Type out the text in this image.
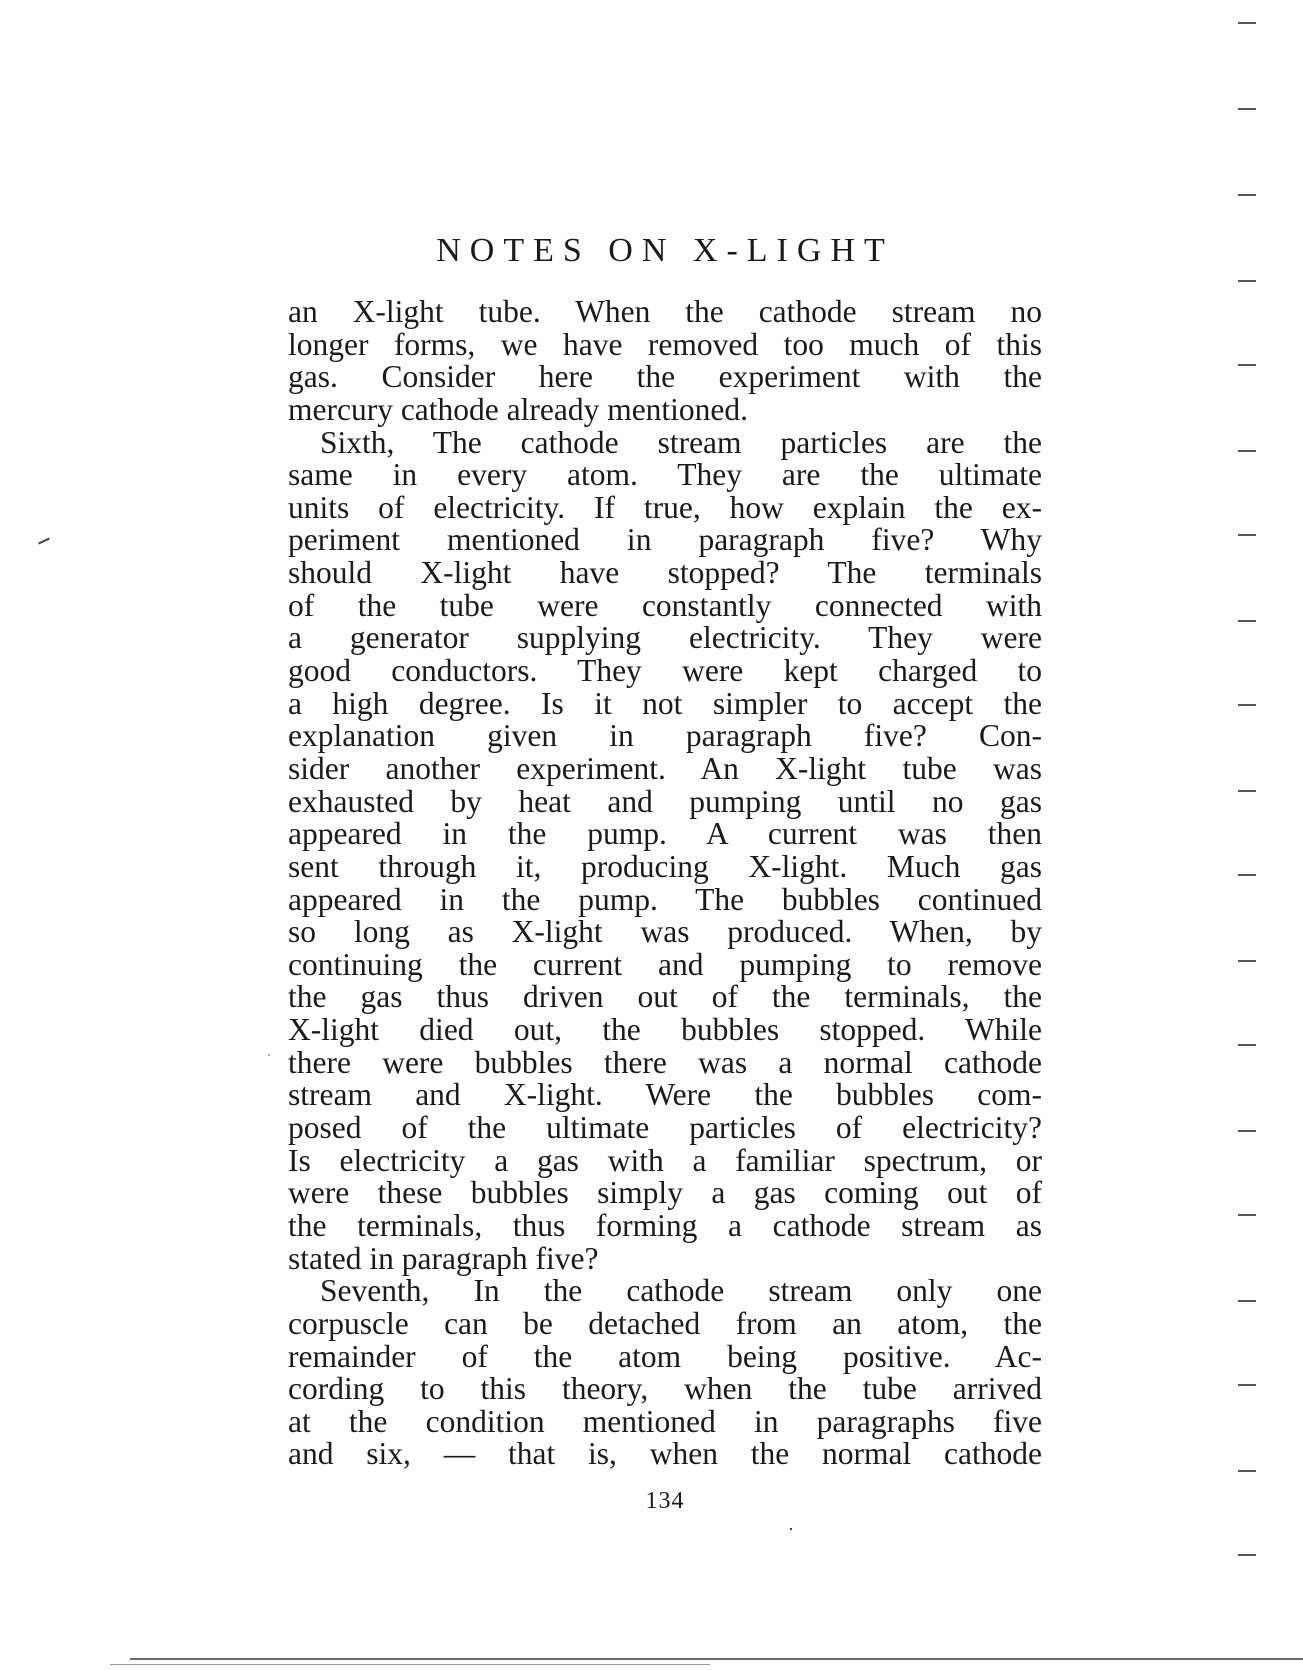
NOTES ON X-LIGHT
an X-light tube. When the cathode stream no
longer forms, we have removed too much of this
gas. Consider here the experiment with the
mercury cathode already mentioned.
Sixth, The cathode stream particles are the
same in every atom. They are the ultimate
units of electricity. If true, how explain the ex-
periment mentioned in paragraph five? Why
should X-light have stopped? The terminals
of the tube were constantly connected with
a generator supplying electricity. They were
good conductors. They were kept charged to
a high degree. Is it not simpler to accept the
explanation given in paragraph five? Con-
sider another experiment. An X-light tube was
exhausted by heat and pumping until no gas
appeared in the pump. A current was then
sent through it, producing X-light. Much gas
appeared in the pump. The bubbles continued
so long as X-light was produced. When, by
continuing the current and pumping to remove
the gas thus driven out of the terminals, the
X-light died out, the bubbles stopped. While
there were bubbles there was a normal cathode
stream and X-light. Were the bubbles com-
posed of the ultimate particles of electricity?
Is electricity a gas with a familiar spectrum, or
were these bubbles simply a gas coming out of
the terminals, thus forming a cathode stream as
stated in paragraph five?
Seventh, In the cathode stream only one
corpuscle can be detached from an atom, the
remainder of the atom being positive. Ac-
cording to this theory, when the tube arrived
at the condition mentioned in paragraphs five
and six, — that is, when the normal cathode
134
